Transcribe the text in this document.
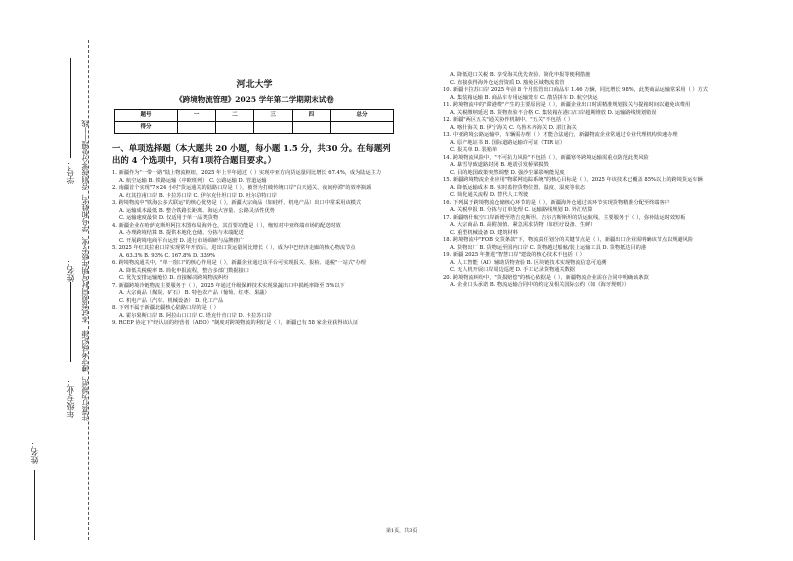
学号：
姓名：
年级专业：
姓名：
本试卷须同时写明年级专业、学号和姓名，否则按零分处理——线
注意行为规范，遵守考场纪律
河北大学
《跨境物流管理》2025 学年第二学期期末试卷
题号	一	二	三	四	总分
得分					
一、单项选择题（本大题共 20 小题，每小题 1.5 分，共30 分。在每题列出的 4 个选项中，只有1项符合题目要求。）
1. 新疆作为"一带一路"陆上物流枢纽，2025 年上半年通过（ ）实现中亚方向货运量同比增长 67.4%，成为陆运主力
A. 航空运输 B. 铁路运输（中欧班列） C. 公路运输 D. 管道运输
2. 南疆首个实现"7×24 小时"货运通关的陆路口岸是（ ），被誉为打破传统口岸"白天通关、夜间停滞"的效率瓶颈
A. 红其拉甫口岸 B. 卡拉苏口岸 C. 伊尔克什坦口岸 D. 吐尔尕特口岸
3. 跨境物流中"铁海公多式联运"的核心优势是（ ），新疆大宗商品（如硅纤、机电产品）出口中常采用该模式
A. 运输成本最低 B. 整合铁路长距离、海运大容量、公路灵活性优势
C. 运输速度最快 D. 仅适用于单一品类货物
4. 新疆企业在哈萨克斯坦阿拉木图布局海外仓，其首要功能是（ ），缩短对中亚终端市场的配送时效
A. 办理跨境结算 B. 提供本地化仓储、分拣与末端配送
C. 开展跨境电商平台运营 D. 进行市场调研与品牌推广
5. 2025 年红其拉甫口岸实现常年开放后，进出口货运量同比增长（ ），成为中巴经济走廊的核心物流节点
A. 63.3% B. 93% C. 167.8% D. 339%
6. 跨境物流通关中，"单一窗口"的核心作用是（ ），新疆企业通过该平台可实现报关、报检、退税"一站式"办理
A. 降低关税税率 B. 简化申报流程，整合多部门数据接口
C. 优先安排运输舱位 D. 直接解决跨境物流纠纷
7. 新疆跨境冷链物流主要服务于（ ），2025 年通过升级保鲜技术实现果蔬出口中损耗率降至 5%以下
A. 大宗商品（煤炭、矿石） B. 特色农产品（葡萄、红枣、果蔬）
C. 机电产品（汽车、机械设备） D. 化工产品
8. 下列不属于新疆北疆核心陆路口岸的是（ ）
A. 霍尔果斯口岸 B. 阿拉山口口岸 C. 塔克什肯口岸 D. 卡拉苏口岸
9. RCEP 协定下"经认证的经营者（AEO）"制度对跨境物流的利好是（ ），新疆已有 58 家企业获得该认证
A. 降低进口关税 B. 享受海关优先查验、简化申报等便利措施
C. 直接获得海外仓运营资质 D. 豁免区域物流监管
10. 新疆卡拉苏口岸 2025 年前 8 个月监管出口商品车 1.46 万辆，同比增长 98%，此类商品运输常采用（ ）方式
A. 集装箱运输 B. 商品车专用运输笼车 C. 散货拼车 D. 航空快运
11. 跨境物流中的"滞港费"产生的主要原因是（ ），新疆企业出口时需精准规划报关与提箱时间以避免该费用
A. 关税缴纳延迟 B. 货物查验不合格 C. 集装箱在港口/口岸超期堆放 D. 运输路线规划错误
12. 新疆"两区五关"通关协作机制中，"五关"不包括（ ）
A. 喀什海关 B. 伊宁海关 C. 乌鲁木齐海关 D. 湛江海关
13. 中亚跨境公路运输中，车辆需办理（ ）才能合法通行，新疆物流企业常通过专业代理机构快速办理
A. 原产地证书 B. 国际道路运输许可证（TIR 证）
C. 报关单 D. 装箱单
14. 跨境物流风险中，"不可抗力风险"不包括（ ），新疆寒冬跨境运输需重点防范此类风险
A. 暴雪导致道路封闭 B. 地震引发桥梁损毁
C. 目的地国政策突然调整 D. 强沙尘暴影响能见度
15. 新疆跨境物流企业应用"物联网追踪系统"的核心目标是（ ），2025 年该技术已覆盖 85%以上的跨境货运车辆
A. 降低运输成本 B. 实时监控货物位置、温度、湿度等状态
C. 简化通关流程 D. 替代人工驾驶
16. 下列属于跨境物流仓储核心环节的是（ ），新疆海外仓通过该环节实现货物精准分配至终端客户
A. 关税申报 B. 分拣与订单处理 C. 运输路线规划 D. 外汇结算
17. 新疆喀什航空口岸新增至塔吉克斯坦、吉尔吉斯斯坦的货运航线，主要服务于（ ），弥补陆运时效短板
A. 大宗商品 B. 高附加值、紧急需求货物（如医疗设备、生鲜）
C. 重型机械设备 D. 建筑材料
18. 跨境物流中"FOB 交货条款"下，物流责任划分的关键节点是（ ），新疆出口企业需明确该节点以规避风险
A. 货物出厂 B. 货物运至国内口岸 C. 货物越过船舷/装上运输工具 D. 货物抵达目的港
19. 新疆 2025 年推进"智慧口岸"建设的核心技术不包括（ ）
A. 人工智能（AI）辅助货物查验 B. 区块链技术实现物流信息可追溯
C. 无人机开展口岸周边巡逻 D. 手工记录货物通关数据
20. 跨境物流纠纷中，"货损赔偿"的核心依据是（ ），新疆物流企业需在合同中明确该条款
A. 企业口头承诺 B. 物流运输合同中的约定及相关国际公约（如《海牙规则》）
第1页，共3页
